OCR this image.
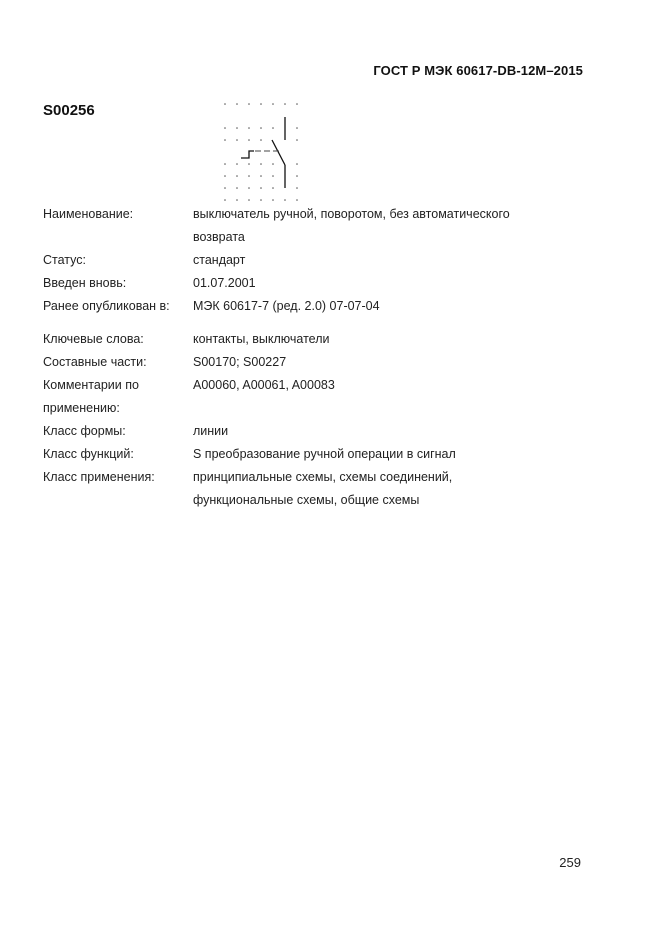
ГОСТ Р МЭК 60617-DB-12M–2015
S00256
Наименование:	выключатель ручной, поворотом, без автоматического
возврата
Статус:	стандарт
Введен вновь:	01.07.2001
Ранее опубликован в:	МЭК 60617-7 (ред. 2.0) 07-07-04
Ключевые слова:	контакты, выключатели
Составные части:	S00170; S00227
Комментарии по
применению:
A00060, A00061, A00083
Класс формы:	линии
Класс функций:	S преобразование ручной операции в сигнал
Класс применения:	принципиальные схемы, схемы соединений,
функциональные схемы, общие схемы
259
